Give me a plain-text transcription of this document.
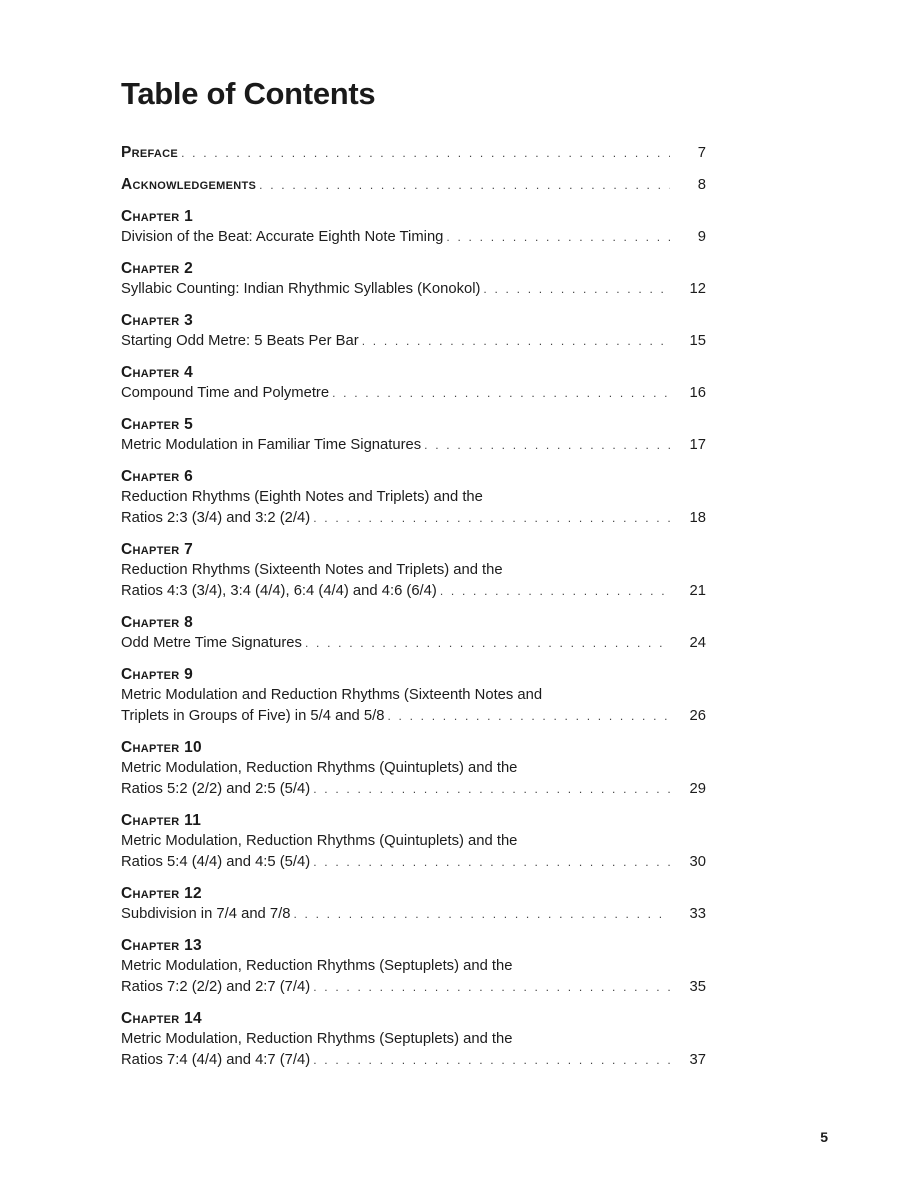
Table of Contents
Preface . . .	7
Acknowledgements . . .	8
Chapter 1
Division of the Beat: Accurate Eighth Note Timing . . .	9
Chapter 2
Syllabic Counting: Indian Rhythmic Syllables (Konokol) . . .	12
Chapter 3
Starting Odd Metre: 5 Beats Per Bar . . .	15
Chapter 4
Compound Time and Polymetre . . .	16
Chapter 5
Metric Modulation in Familiar Time Signatures . . .	17
Chapter 6
Reduction Rhythms (Eighth Notes and Triplets) and the
Ratios 2:3 (3/4) and 3:2 (2/4) . . .	18
Chapter 7
Reduction Rhythms (Sixteenth Notes and Triplets) and the
Ratios 4:3 (3/4), 3:4 (4/4), 6:4 (4/4) and 4:6 (6/4) . . .	21
Chapter 8
Odd Metre Time Signatures . . .	24
Chapter 9
Metric Modulation and Reduction Rhythms (Sixteenth Notes and
Triplets in Groups of Five) in 5/4 and 5/8 . . .	26
Chapter 10
Metric Modulation, Reduction Rhythms (Quintuplets) and the
Ratios 5:2 (2/2) and 2:5 (5/4) . . .	29
Chapter 11
Metric Modulation, Reduction Rhythms (Quintuplets) and the
Ratios 5:4 (4/4) and 4:5 (5/4) . . .	30
Chapter 12
Subdivision in 7/4 and 7/8 . . .	33
Chapter 13
Metric Modulation, Reduction Rhythms (Septuplets) and the
Ratios 7:2 (2/2) and 2:7 (7/4) . . .	35
Chapter 14
Metric Modulation, Reduction Rhythms (Septuplets) and the
Ratios 7:4 (4/4) and 4:7 (7/4) . . .	37
5
